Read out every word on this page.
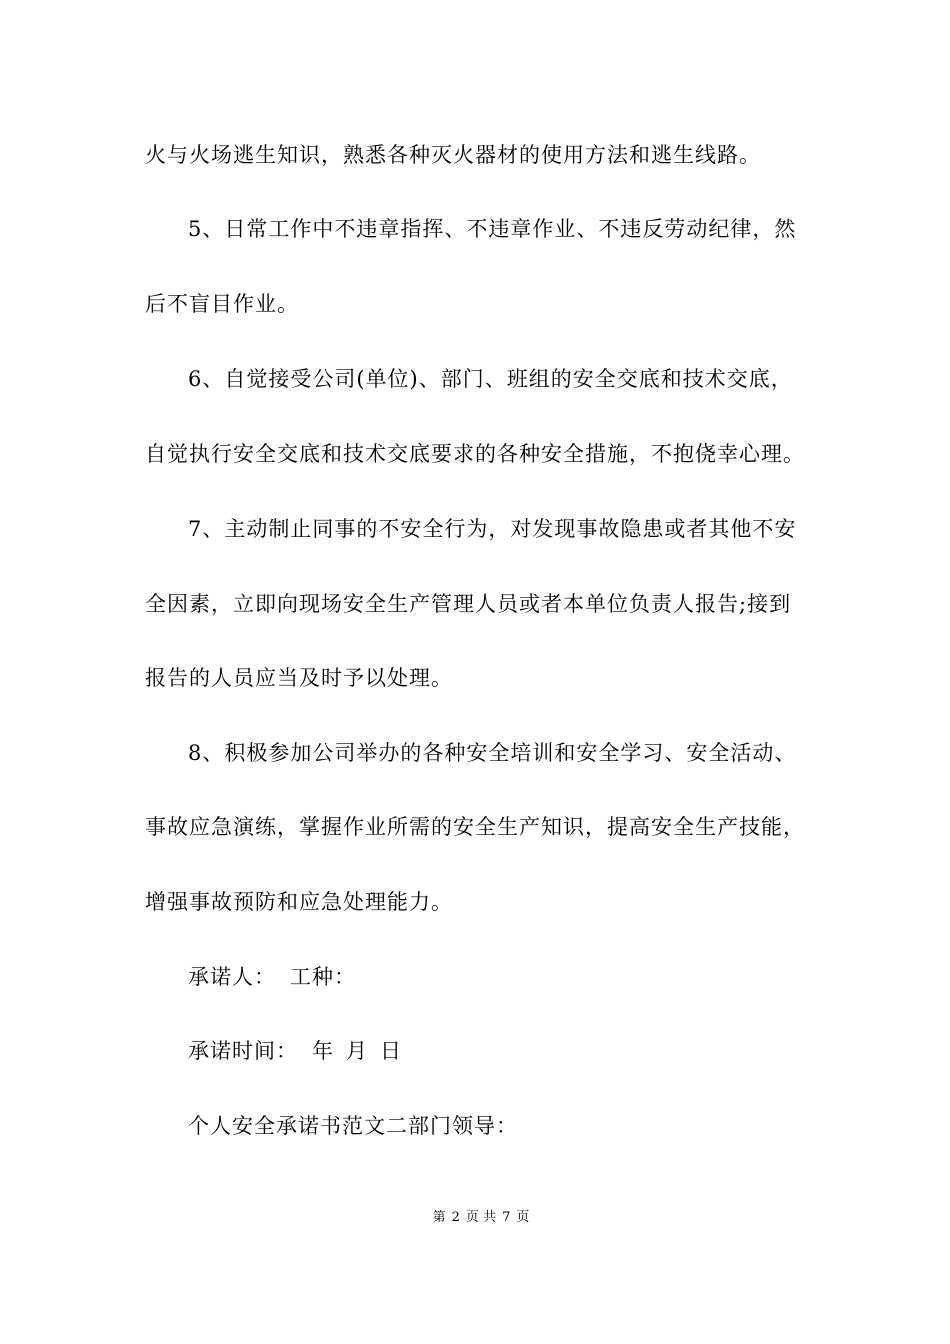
火与火场逃生知识，熟悉各种灭火器材的使用方法和逃生线路。
5、日常工作中不违章指挥、不违章作业、不违反劳动纪律，然
后不盲目作业。
6、自觉接受公司(单位)、部门、班组的安全交底和技术交底，
自觉执行安全交底和技术交底要求的各种安全措施，不抱侥幸心理。
7、主动制止同事的不安全行为，对发现事故隐患或者其他不安
全因素，立即向现场安全生产管理人员或者本单位负责人报告;接到
报告的人员应当及时予以处理。
8、积极参加公司举办的各种安全培训和安全学习、安全活动、
事故应急演练，掌握作业所需的安全生产知识，提高安全生产技能，
增强事故预防和应急处理能力。
承诺人： 工种：
承诺时间： 年 月 日
个人安全承诺书范文二部门领导：
第 2 页 共 7 页
